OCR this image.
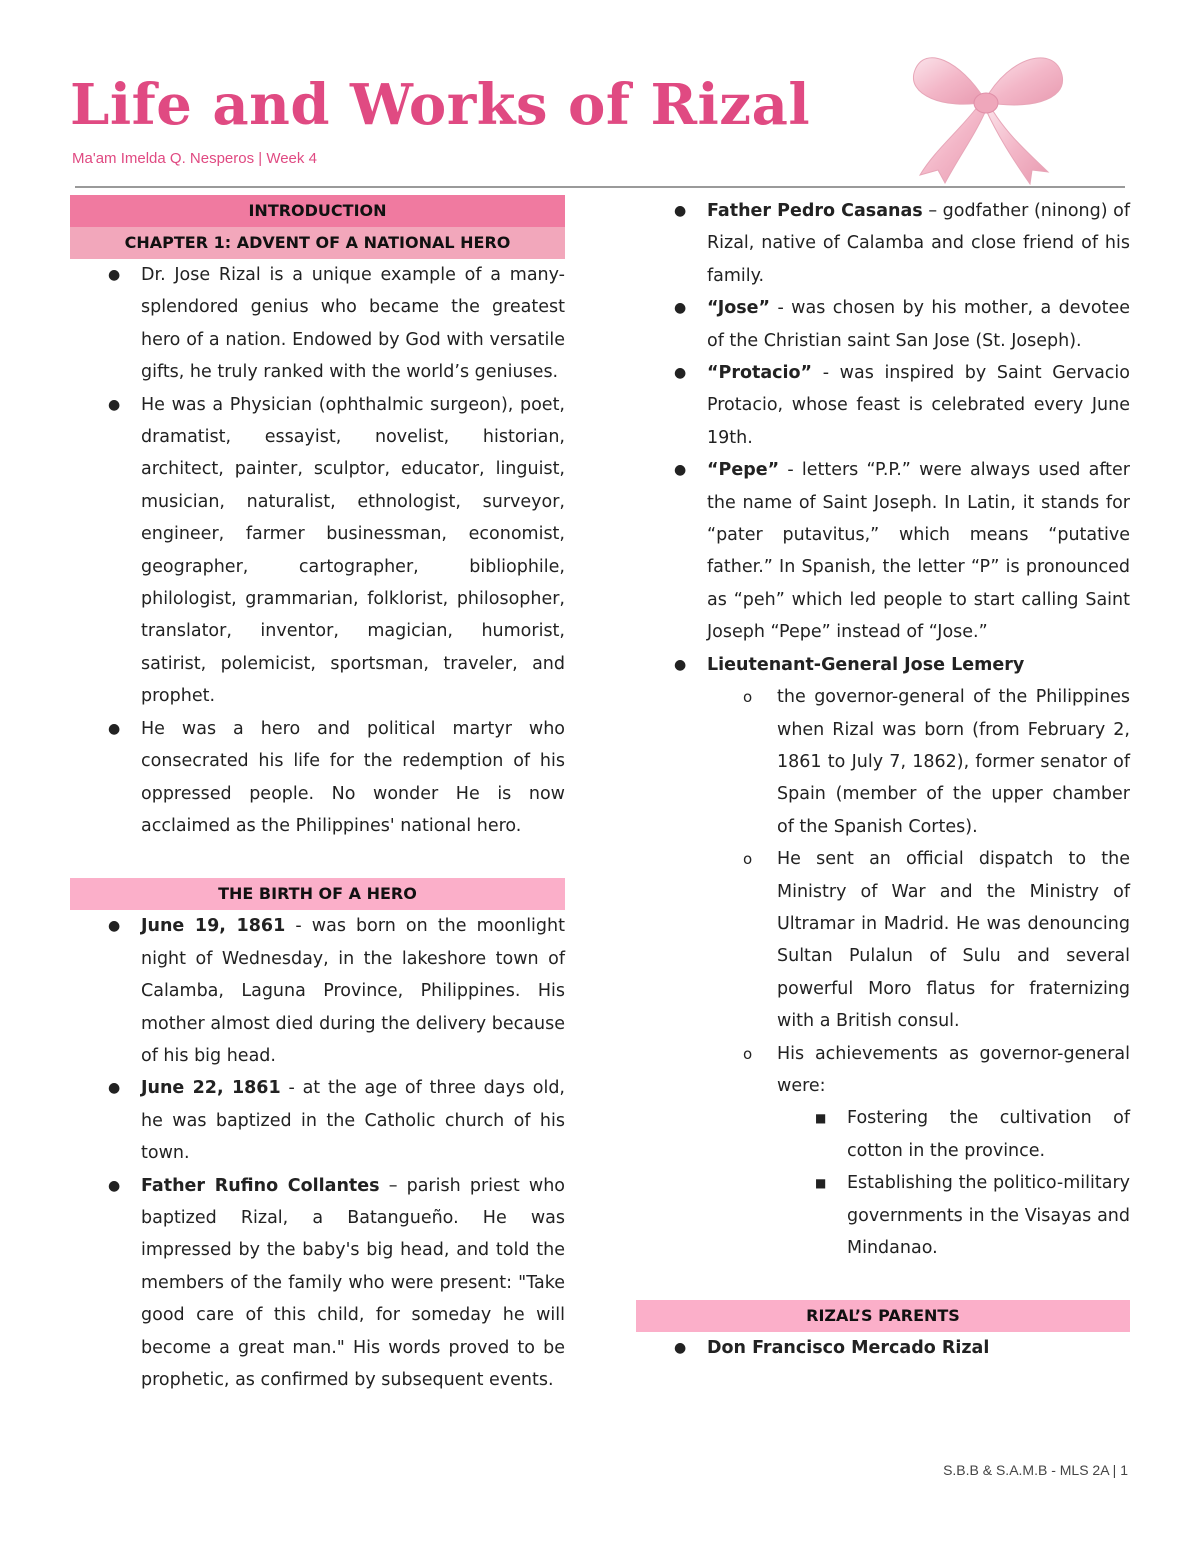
Life and Works of Rizal
Ma'am Imelda Q. Nesperos | Week 4
INTRODUCTION
CHAPTER 1: ADVENT OF A NATIONAL HERO
● Dr. Jose Rizal is a unique example of a many-splendored genius who became the greatest hero of a nation. Endowed by God with versatile gifts, he truly ranked with the world’s geniuses.
● He was a Physician (ophthalmic surgeon), poet, dramatist, essayist, novelist, historian, architect, painter, sculptor, educator, linguist, musician, naturalist, ethnologist, surveyor, engineer, farmer businessman, economist, geographer, cartographer, bibliophile, philologist, grammarian, folklorist, philosopher, translator, inventor, magician, humorist, satirist, polemicist, sportsman, traveler, and prophet.
● He was a hero and political martyr who consecrated his life for the redemption of his oppressed people. No wonder He is now acclaimed as the Philippines' national hero.
THE BIRTH OF A HERO
● June 19, 1861 - was born on the moonlight night of Wednesday, in the lakeshore town of Calamba, Laguna Province, Philippines. His mother almost died during the delivery because of his big head.
● June 22, 1861 - at the age of three days old, he was baptized in the Catholic church of his town.
● Father Rufino Collantes – parish priest who baptized Rizal, a Batangueño. He was impressed by the baby's big head, and told the members of the family who were present: "Take good care of this child, for someday he will become a great man." His words proved to be prophetic, as confirmed by subsequent events.
● Father Pedro Casanas – godfather (ninong) of Rizal, native of Calamba and close friend of his family.
● “Jose” - was chosen by his mother, a devotee of the Christian saint San Jose (St. Joseph).
● “Protacio” - was inspired by Saint Gervacio Protacio, whose feast is celebrated every June 19th.
● “Pepe” - letters “P.P.” were always used after the name of Saint Joseph. In Latin, it stands for “pater putavitus,” which means “putative father.” In Spanish, the letter “P” is pronounced as “peh” which led people to start calling Saint Joseph “Pepe” instead of “Jose.”
● Lieutenant-General Jose Lemery
o the governor-general of the Philippines when Rizal was born (from February 2, 1861 to July 7, 1862), former senator of Spain (member of the upper chamber of the Spanish Cortes).
o He sent an official dispatch to the Ministry of War and the Ministry of Ultramar in Madrid. He was denouncing Sultan Pulalun of Sulu and several powerful Moro flatus for fraternizing with a British consul.
o His achievements as governor-general were:
■ Fostering the cultivation of cotton in the province.
■ Establishing the politico-military governments in the Visayas and Mindanao.
RIZAL’S PARENTS
● Don Francisco Mercado Rizal
S.B.B & S.A.M.B - MLS 2A | 1
